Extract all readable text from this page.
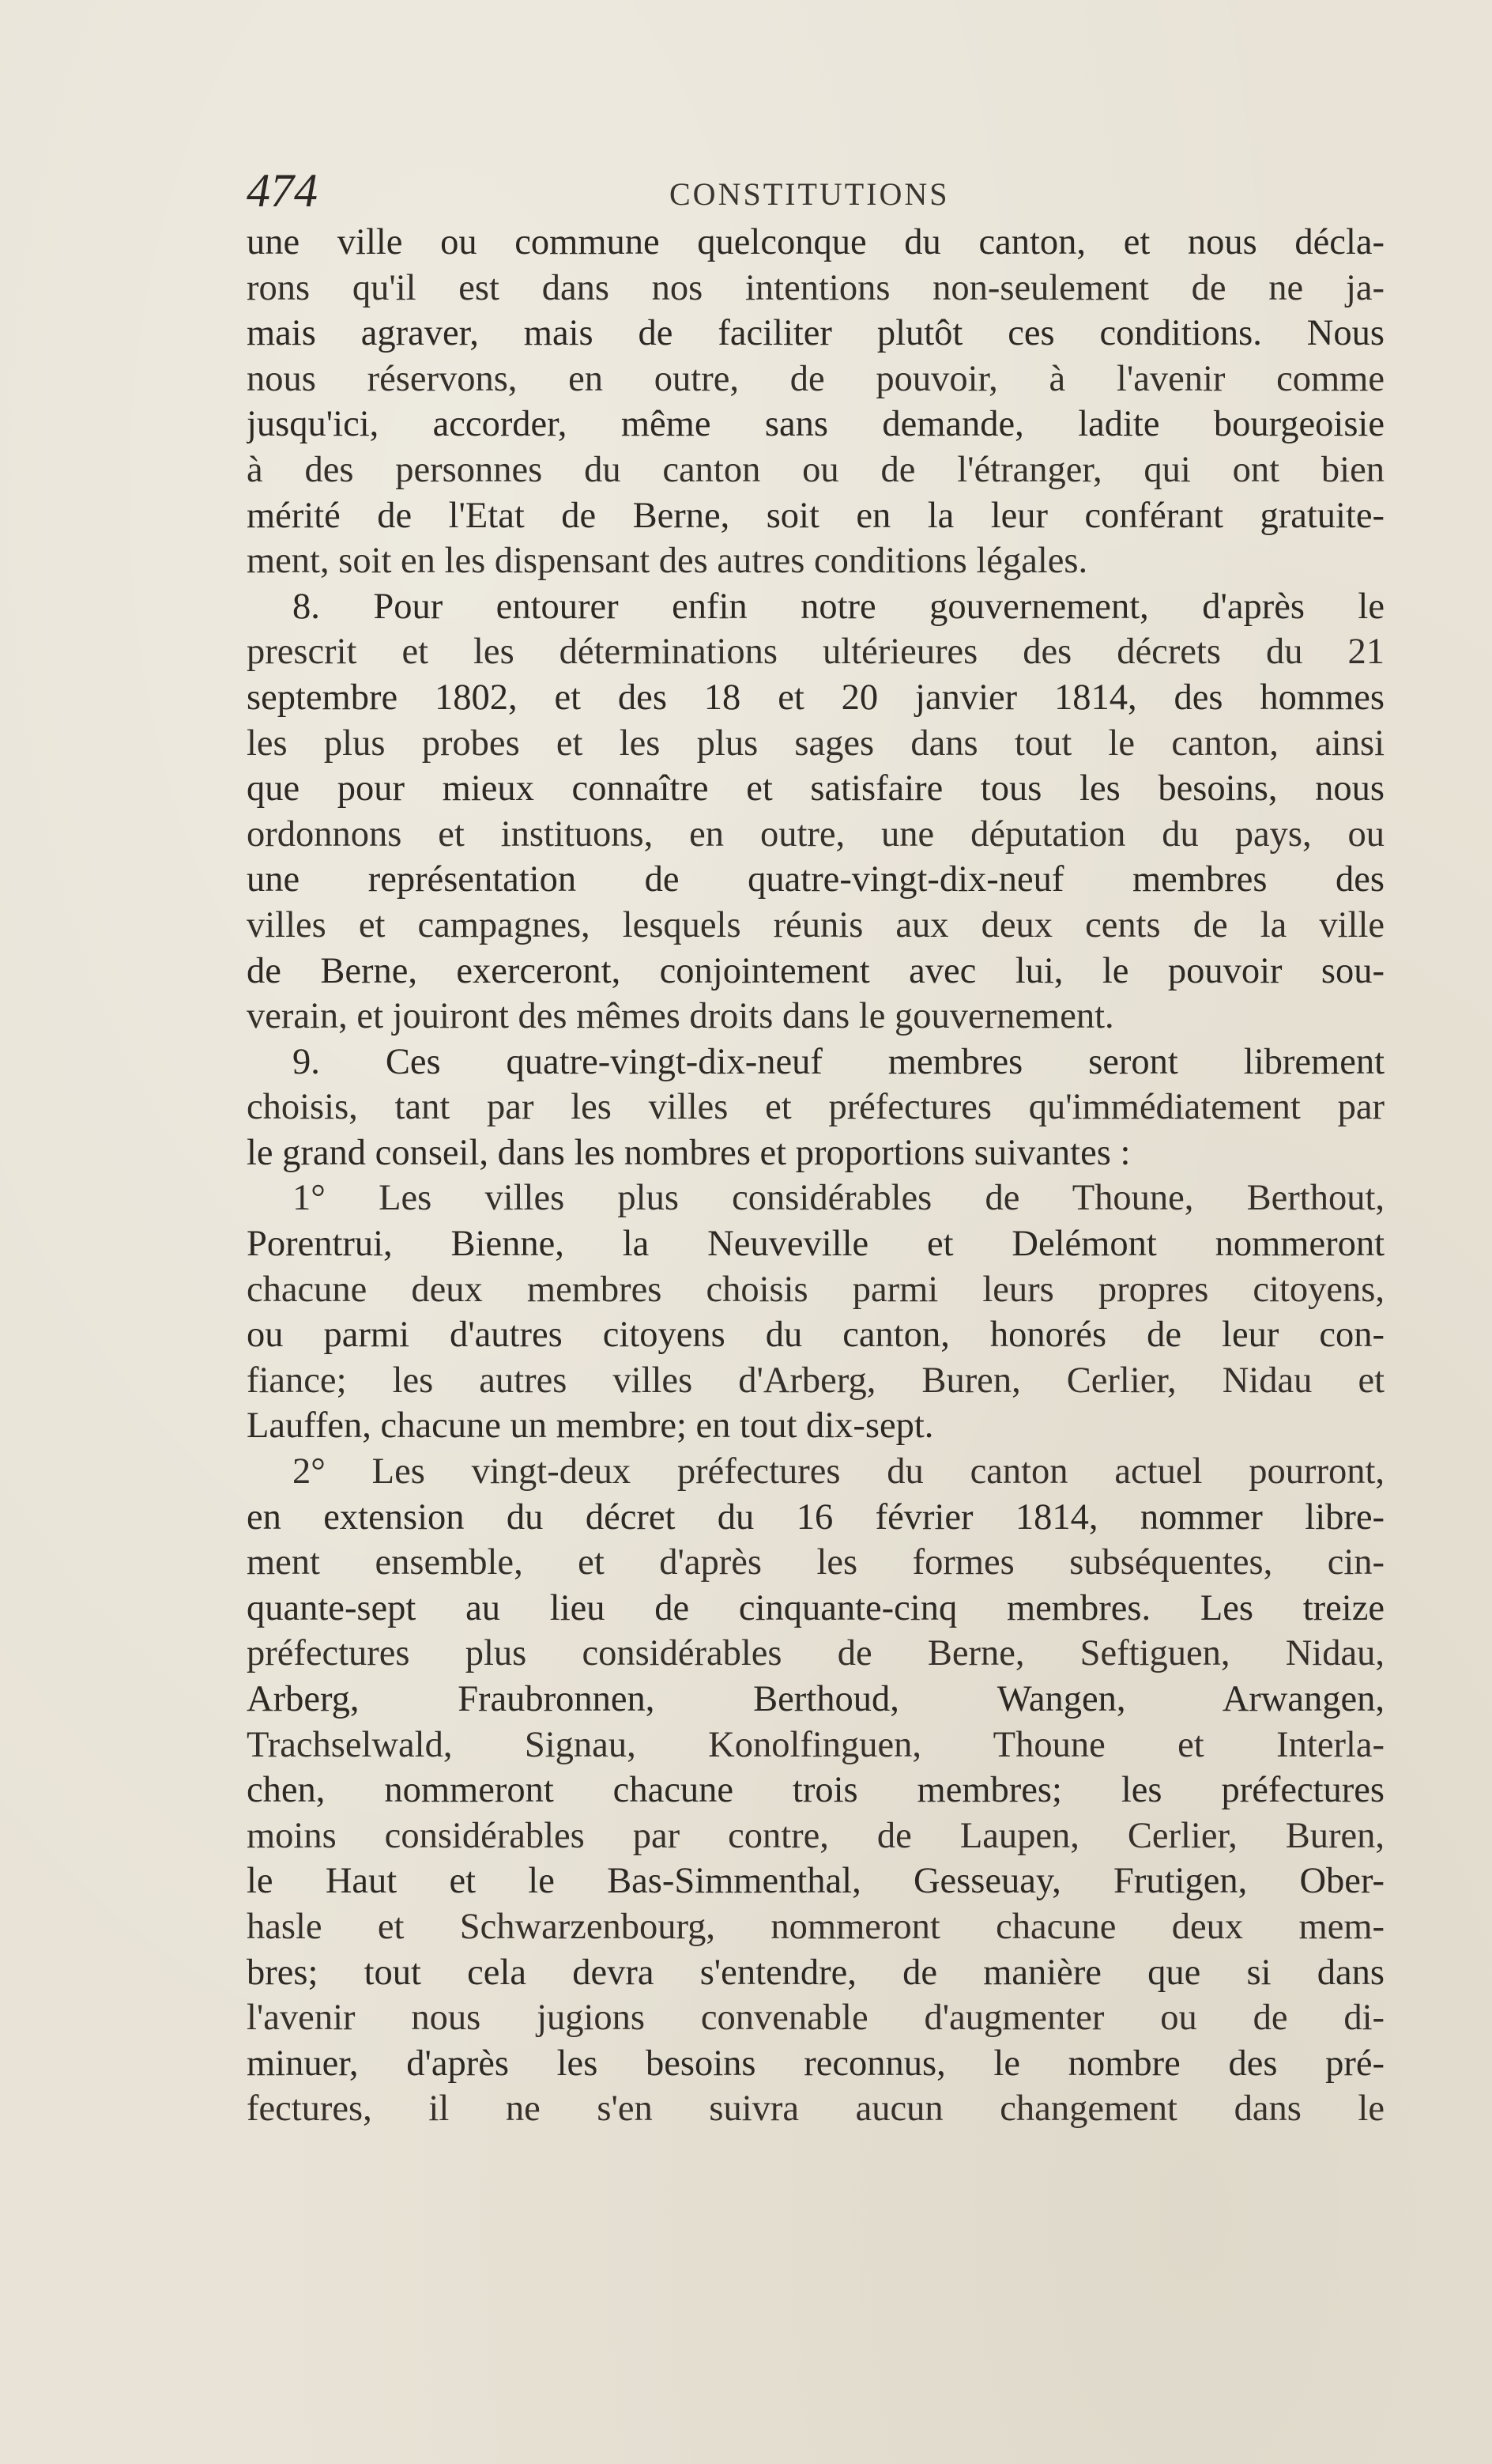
474	CONSTITUTIONS
une ville ou commune quelconque du canton, et nous décla-
rons qu'il est dans nos intentions non-seulement de ne ja-
mais agraver, mais de faciliter plutôt ces conditions. Nous
nous réservons, en outre, de pouvoir, à l'avenir comme
jusqu'ici, accorder, même sans demande, ladite bourgeoisie
à des personnes du canton ou de l'étranger, qui ont bien
mérité de l'Etat de Berne, soit en la leur conférant gratuite-
ment, soit en les dispensant des autres conditions légales.
8. Pour entourer enfin notre gouvernement, d'après le
prescrit et les déterminations ultérieures des décrets du 21
septembre 1802, et des 18 et 20 janvier 1814, des hommes
les plus probes et les plus sages dans tout le canton, ainsi
que pour mieux connaître et satisfaire tous les besoins, nous
ordonnons et instituons, en outre, une députation du pays, ou
une représentation de quatre-vingt-dix-neuf membres des
villes et campagnes, lesquels réunis aux deux cents de la ville
de Berne, exerceront, conjointement avec lui, le pouvoir sou-
verain, et jouiront des mêmes droits dans le gouvernement.
9. Ces quatre-vingt-dix-neuf membres seront librement
choisis, tant par les villes et préfectures qu'immédiatement par
le grand conseil, dans les nombres et proportions suivantes :
1° Les villes plus considérables de Thoune, Berthout,
Porentrui, Bienne, la Neuveville et Delémont nommeront
chacune deux membres choisis parmi leurs propres citoyens,
ou parmi d'autres citoyens du canton, honorés de leur con-
fiance; les autres villes d'Arberg, Buren, Cerlier, Nidau et
Lauffen, chacune un membre; en tout dix-sept.
2° Les vingt-deux préfectures du canton actuel pourront,
en extension du décret du 16 février 1814, nommer libre-
ment ensemble, et d'après les formes subséquentes, cin-
quante-sept au lieu de cinquante-cinq membres. Les treize
préfectures plus considérables de Berne, Seftiguen, Nidau,
Arberg, Fraubronnen, Berthoud, Wangen, Arwangen,
Trachselwald, Signau, Konolfinguen, Thoune et Interla-
chen, nommeront chacune trois membres; les préfectures
moins considérables par contre, de Laupen, Cerlier, Buren,
le Haut et le Bas-Simmenthal, Gesseuay, Frutigen, Ober-
hasle et Schwarzenbourg, nommeront chacune deux mem-
bres; tout cela devra s'entendre, de manière que si dans
l'avenir nous jugions convenable d'augmenter ou de di-
minuer, d'après les besoins reconnus, le nombre des pré-
fectures, il ne s'en suivra aucun changement dans le
